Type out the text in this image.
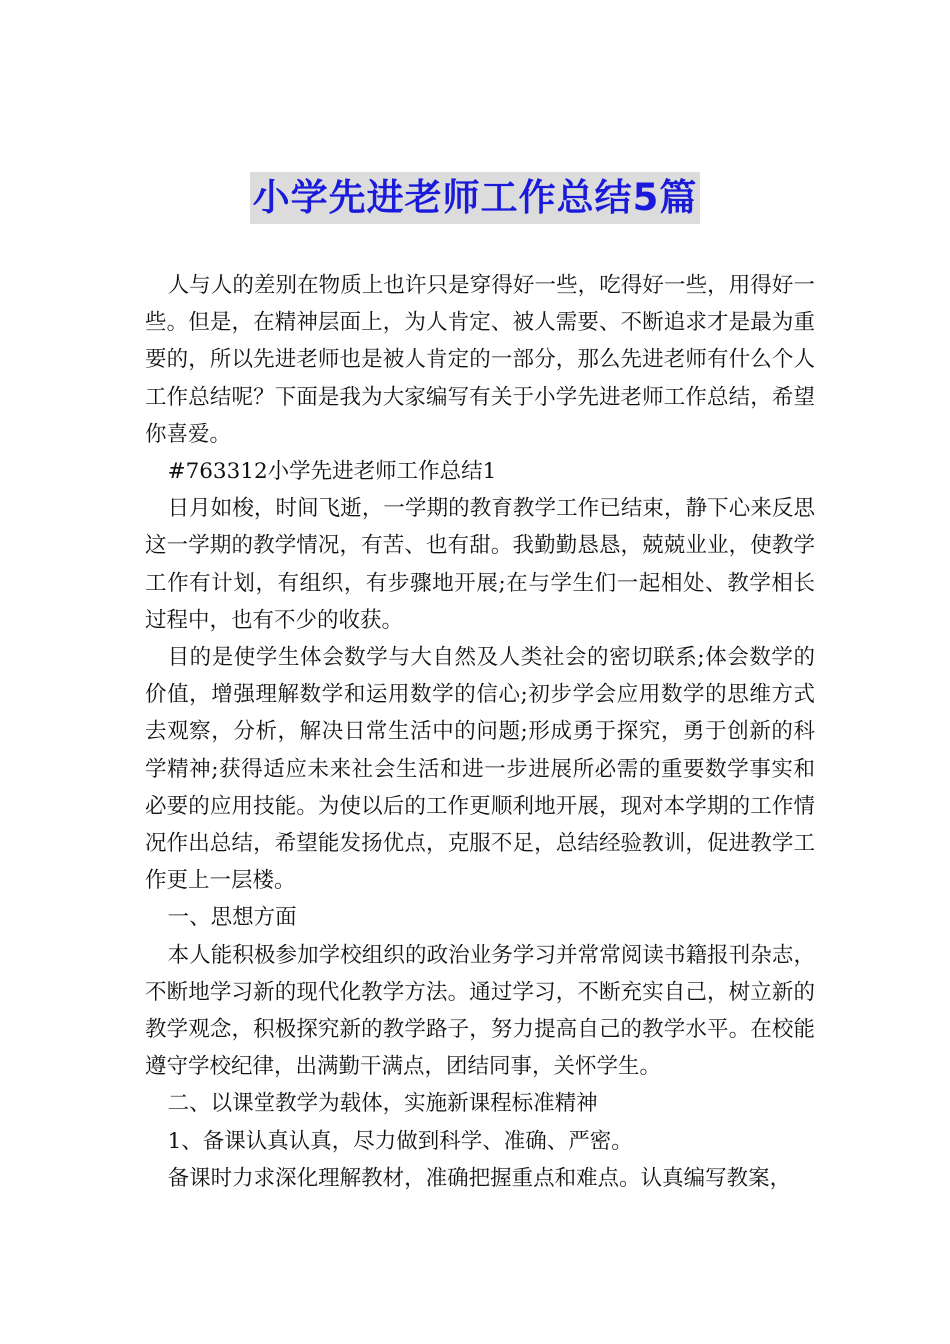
小学先进老师工作总结5篇

人与人的差别在物质上也许只是穿得好一些，吃得好一些，用得好一些。但是，在精神层面上，为人肯定、被人需要、不断追求才是最为重要的，所以先进老师也是被人肯定的一部分，那么先进老师有什么个人工作总结呢？下面是我为大家编写有关于小学先进老师工作总结，希望你喜爱。

#763312小学先进老师工作总结1

日月如梭，时间飞逝，一学期的教育教学工作已结束，静下心来反思这一学期的教学情况，有苦、也有甜。我勤勤恳恳，兢兢业业，使教学工作有计划，有组织，有步骤地开展;在与学生们一起相处、教学相长过程中，也有不少的收获。

目的是使学生体会数学与大自然及人类社会的密切联系;体会数学的价值，增强理解数学和运用数学的信心;初步学会应用数学的思维方式去观察，分析，解决日常生活中的问题;形成勇于探究，勇于创新的科学精神;获得适应未来社会生活和进一步进展所必需的重要数学事实和必要的应用技能。为使以后的工作更顺利地开展，现对本学期的工作情况作出总结，希望能发扬优点，克服不足，总结经验教训，促进教学工作更上一层楼。

一、思想方面

本人能积极参加学校组织的政治业务学习并常常阅读书籍报刊杂志，不断地学习新的现代化教学方法。通过学习，不断充实自己，树立新的教学观念，积极探究新的教学路子，努力提高自己的教学水平。在校能遵守学校纪律，出满勤干满点，团结同事，关怀学生。

二、以课堂教学为载体，实施新课程标准精神

1、备课认真认真，尽力做到科学、准确、严密。

备课时力求深化理解教材，准确把握重点和难点。认真编写教案，
